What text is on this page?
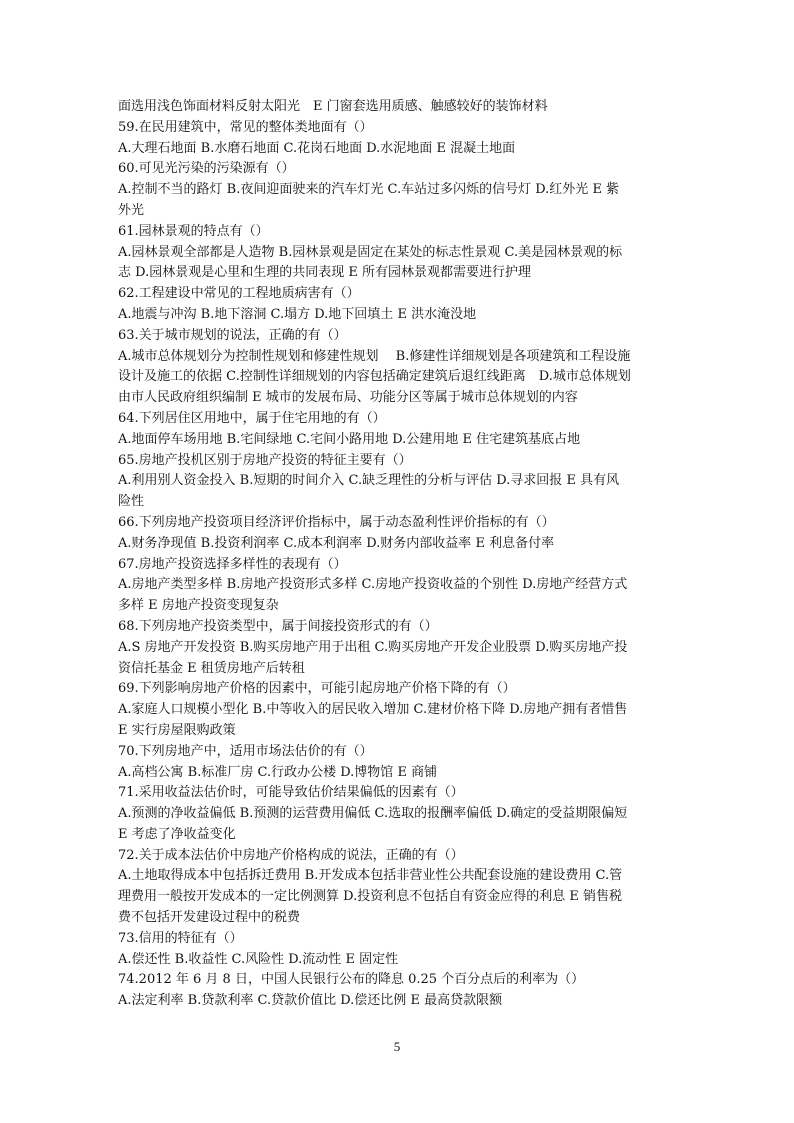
面选用浅色饰面材料反射太阳光　E 门窗套选用质感、触感较好的装饰材料
59.在民用建筑中，常见的整体类地面有（）
A.大理石地面 B.水磨石地面 C.花岗石地面 D.水泥地面 E 混凝土地面
60.可见光污染的污染源有（）
A.控制不当的路灯 B.夜间迎面驶来的汽车灯光 C.车站过多闪烁的信号灯 D.红外光 E 紫
外光
61.园林景观的特点有（）
A.园林景观全部都是人造物 B.园林景观是固定在某处的标志性景观 C.美是园林景观的标
志 D.园林景观是心里和生理的共同表现 E 所有园林景观都需要进行护理
62.工程建设中常见的工程地质病害有（）
A.地震与冲沟 B.地下溶洞 C.塌方 D.地下回填土 E 洪水淹没地
63.关于城市规划的说法，正确的有（）
A.城市总体规划分为控制性规划和修建性规划　 B.修建性详细规划是各项建筑和工程设施
设计及施工的依据 C.控制性详细规划的内容包括确定建筑后退红线距离　D.城市总体规划
由市人民政府组织编制 E 城市的发展布局、功能分区等属于城市总体规划的内容
64.下列居住区用地中，属于住宅用地的有（）
A.地面停车场用地 B.宅间绿地 C.宅间小路用地 D.公建用地 E 住宅建筑基底占地
65.房地产投机区别于房地产投资的特征主要有（）
A.利用别人资金投入 B.短期的时间介入 C.缺乏理性的分析与评估 D.寻求回报 E 具有风
险性
66.下列房地产投资项目经济评价指标中，属于动态盈利性评价指标的有（）
A.财务净现值 B.投资利润率 C.成本利润率 D.财务内部收益率 E 利息备付率
67.房地产投资选择多样性的表现有（）
A.房地产类型多样 B.房地产投资形式多样 C.房地产投资收益的个别性 D.房地产经营方式
多样 E 房地产投资变现复杂
68.下列房地产投资类型中，属于间接投资形式的有（）
A.S 房地产开发投资 B.购买房地产用于出租 C.购买房地产开发企业股票 D.购买房地产投
资信托基金 E 租赁房地产后转租
69.下列影响房地产价格的因素中，可能引起房地产价格下降的有（）
A.家庭人口规模小型化 B.中等收入的居民收入增加 C.建材价格下降 D.房地产拥有者惜售
E 实行房屋限购政策
70.下列房地产中，适用市场法估价的有（）
A.高档公寓 B.标准厂房 C.行政办公楼 D.博物馆 E 商铺
71.采用收益法估价时，可能导致估价结果偏低的因素有（）
A.预测的净收益偏低 B.预测的运营费用偏低 C.选取的报酬率偏低 D.确定的受益期限偏短
E 考虑了净收益变化
72.关于成本法估价中房地产价格构成的说法，正确的有（）
A.土地取得成本中包括拆迁费用 B.开发成本包括非营业性公共配套设施的建设费用 C.管
理费用一般按开发成本的一定比例测算 D.投资利息不包括自有资金应得的利息 E 销售税
费不包括开发建设过程中的税费
73.信用的特征有（）
A.偿还性 B.收益性 C.风险性 D.流动性 E 固定性
74.2012 年 6 月 8 日，中国人民银行公布的降息 0.25 个百分点后的利率为（）
A.法定利率 B.贷款利率 C.贷款价值比 D.偿还比例 E 最高贷款限额
5
